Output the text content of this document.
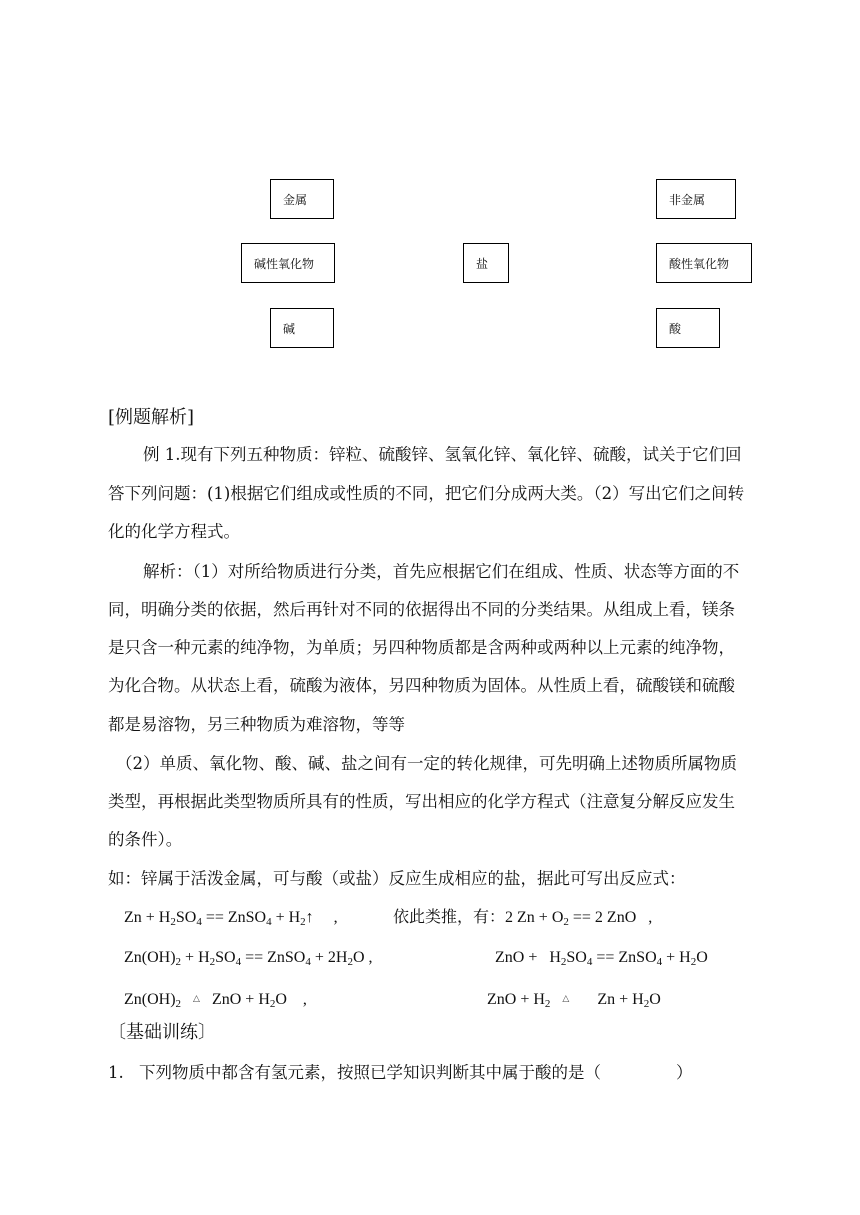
金属	非金属
碱性氧化物	盐	酸性氧化物
碱	酸
[例题解析]
例 1.现有下列五种物质：锌粒、硫酸锌、氢氧化锌、氧化锌、硫酸，试关于它们回
答下列问题：(1)根据它们组成或性质的不同，把它们分成两大类。（2）写出它们之间转
化的化学方程式。
解析：（1）对所给物质进行分类，首先应根据它们在组成、性质、状态等方面的不
同，明确分类的依据，然后再针对不同的依据得出不同的分类结果。从组成上看，镁条
是只含一种元素的纯净物，为单质；另四种物质都是含两种或两种以上元素的纯净物，
为化合物。从状态上看，硫酸为液体，另四种物质为固体。从性质上看，硫酸镁和硫酸
都是易溶物，另三种物质为难溶物，等等
（2）单质、氧化物、酸、碱、盐之间有一定的转化规律，可先明确上述物质所属物质
类型，再根据此类型物质所具有的性质，写出相应的化学方程式（注意复分解反应发生
的条件）。
如：锌属于活泼金属，可与酸（或盐）反应生成相应的盐，据此可写出反应式：
$Zn + H_2SO_4$ == ZnSO$_4$ + $H_2↑$     ,	依此类推，有：2 $Zn + O_2 == 2$ ZnO   ,
$Zn(OH)_2 + H_2SO_4$ == ZnSO$_4$ + $2H_2O$ ,	ZnO +   $H_2SO_4$ == ZnSO$_4$ + $H_2O$
$Zn(OH)_2$ △   ZnO + $H_2O$    ,	ZnO + $H_2$ △       $Zn + H_2O$
〔基础训练〕
1. 下列物质中都含有氢元素，按照已学知识判断其中属于酸的是（	）
